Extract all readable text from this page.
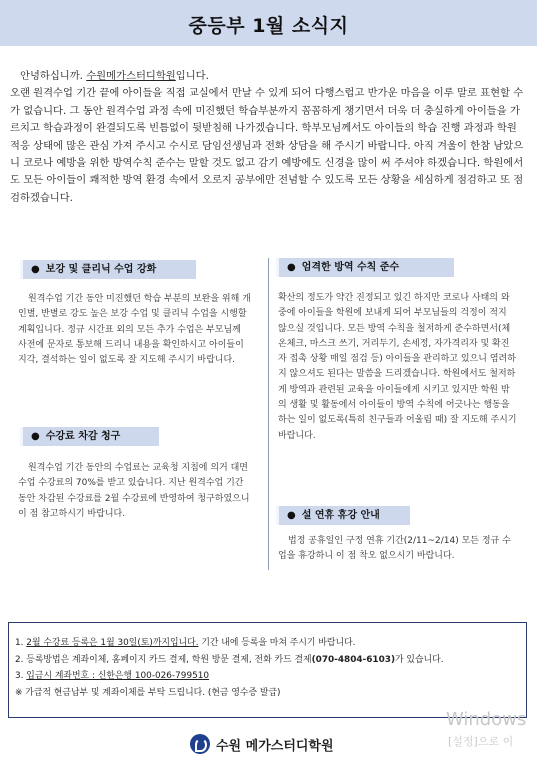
중등부 1월 소식지

안녕하십니까. 수원메가스터디학원입니다.

오랜 원격수업 기간 끝에 아이들을 직접 교실에서 만날 수 있게 되어 다행스럽고 반가운 마음을 이루 말로 표현할 수가 없습니다. 그 동안 원격수업 과정 속에 미진했던 학습부분까지 꼼꼼하게 챙기면서 더욱 더 충실하게 아이들을 가르치고 학습과정이 완결되도록 빈틈없이 뒷받침해 나가겠습니다. 학부모님께서도 아이들의 학습 진행 과정과 학원 적응 상태에 많은 관심 가져 주시고 수시로 담임선생님과 전화 상담을 해 주시기 바랍니다. 아직 겨울이 한참 남았으니 코로나 예방을 위한 방역수칙 준수는 말할 것도 없고 감기 예방에도 신경을 많이 써 주셔야 하겠습니다. 학원에서도 모든 아이들이 쾌적한 방역 환경 속에서 오로지 공부에만 전념할 수 있도록 모든 상황을 세심하게 점검하고 또 점검하겠습니다.

● 보강 및 클리닉 수업 강화

원격수업 기간 동안 미진했던 학습 부분의 보완을 위해 개인별, 반별로 강도 높은 보강 수업 및 클리닉 수업을 시행할 계획입니다. 정규 시간표 외의 모든 추가 수업은 부모님께 사전에 문자로 통보해 드리니 내용을 확인하시고 아이들이 지각, 결석하는 일이 없도록 잘 지도해 주시기 바랍니다.

● 수강료 차감 청구

원격수업 기간 동안의 수업료는 교육청 지침에 의거 대면수업 수강료의 70%를 받고 있습니다. 지난 원격수업 기간 동안 차감된 수강료를 2월 수강료에 반영하여 청구하였으니 이 점 참고하시기 바랍니다.

● 엄격한 방역 수칙 준수

확산의 정도가 약간 진정되고 있긴 하지만 코로나 사태의 와중에 아이들을 학원에 보내게 되어 부모님들의 걱정이 적지 않으실 것입니다. 모든 방역 수칙을 철저하게 준수하면서(체온체크, 마스크 쓰기, 거리두기, 손세정, 자가격리자 및 확진자 접촉 상황 매일 점검 등) 아이들을 관리하고 있으니 염려하지 않으셔도 된다는 말씀을 드리겠습니다. 학원에서도 철저하게 방역과 관련된 교육을 아이들에게 시키고 있지만 학원 밖의 생활 및 활동에서 아이들이 방역 수칙에 어긋나는 행동을 하는 일이 없도록(특히 친구들과 어울림 때) 잘 지도해 주시기 바랍니다.

● 설 연휴 휴강 안내

법정 공휴일인 구정 연휴 기간(2/11~2/14) 모든 정규 수업을 휴강하니 이 점 착오 없으시기 바랍니다.

1. 2월 수강료 등록은 1월 30일(토)까지입니다. 기간 내에 등록을 마쳐 주시기 바랍니다.

2. 등록방법은 계좌이체, 홈페이지 카드 결제, 학원 방문 결제, 전화 카드 결제(070-4804-6103)가 있습니다.

3. 입금시 계좌번호 : 신한은행 100-026-799510

※ 가급적 현금납부 및 계좌이체를 부탁 드립니다. (현금 영수증 발급)

수원 메가스터디학원
Windows
[설정]으로 이
